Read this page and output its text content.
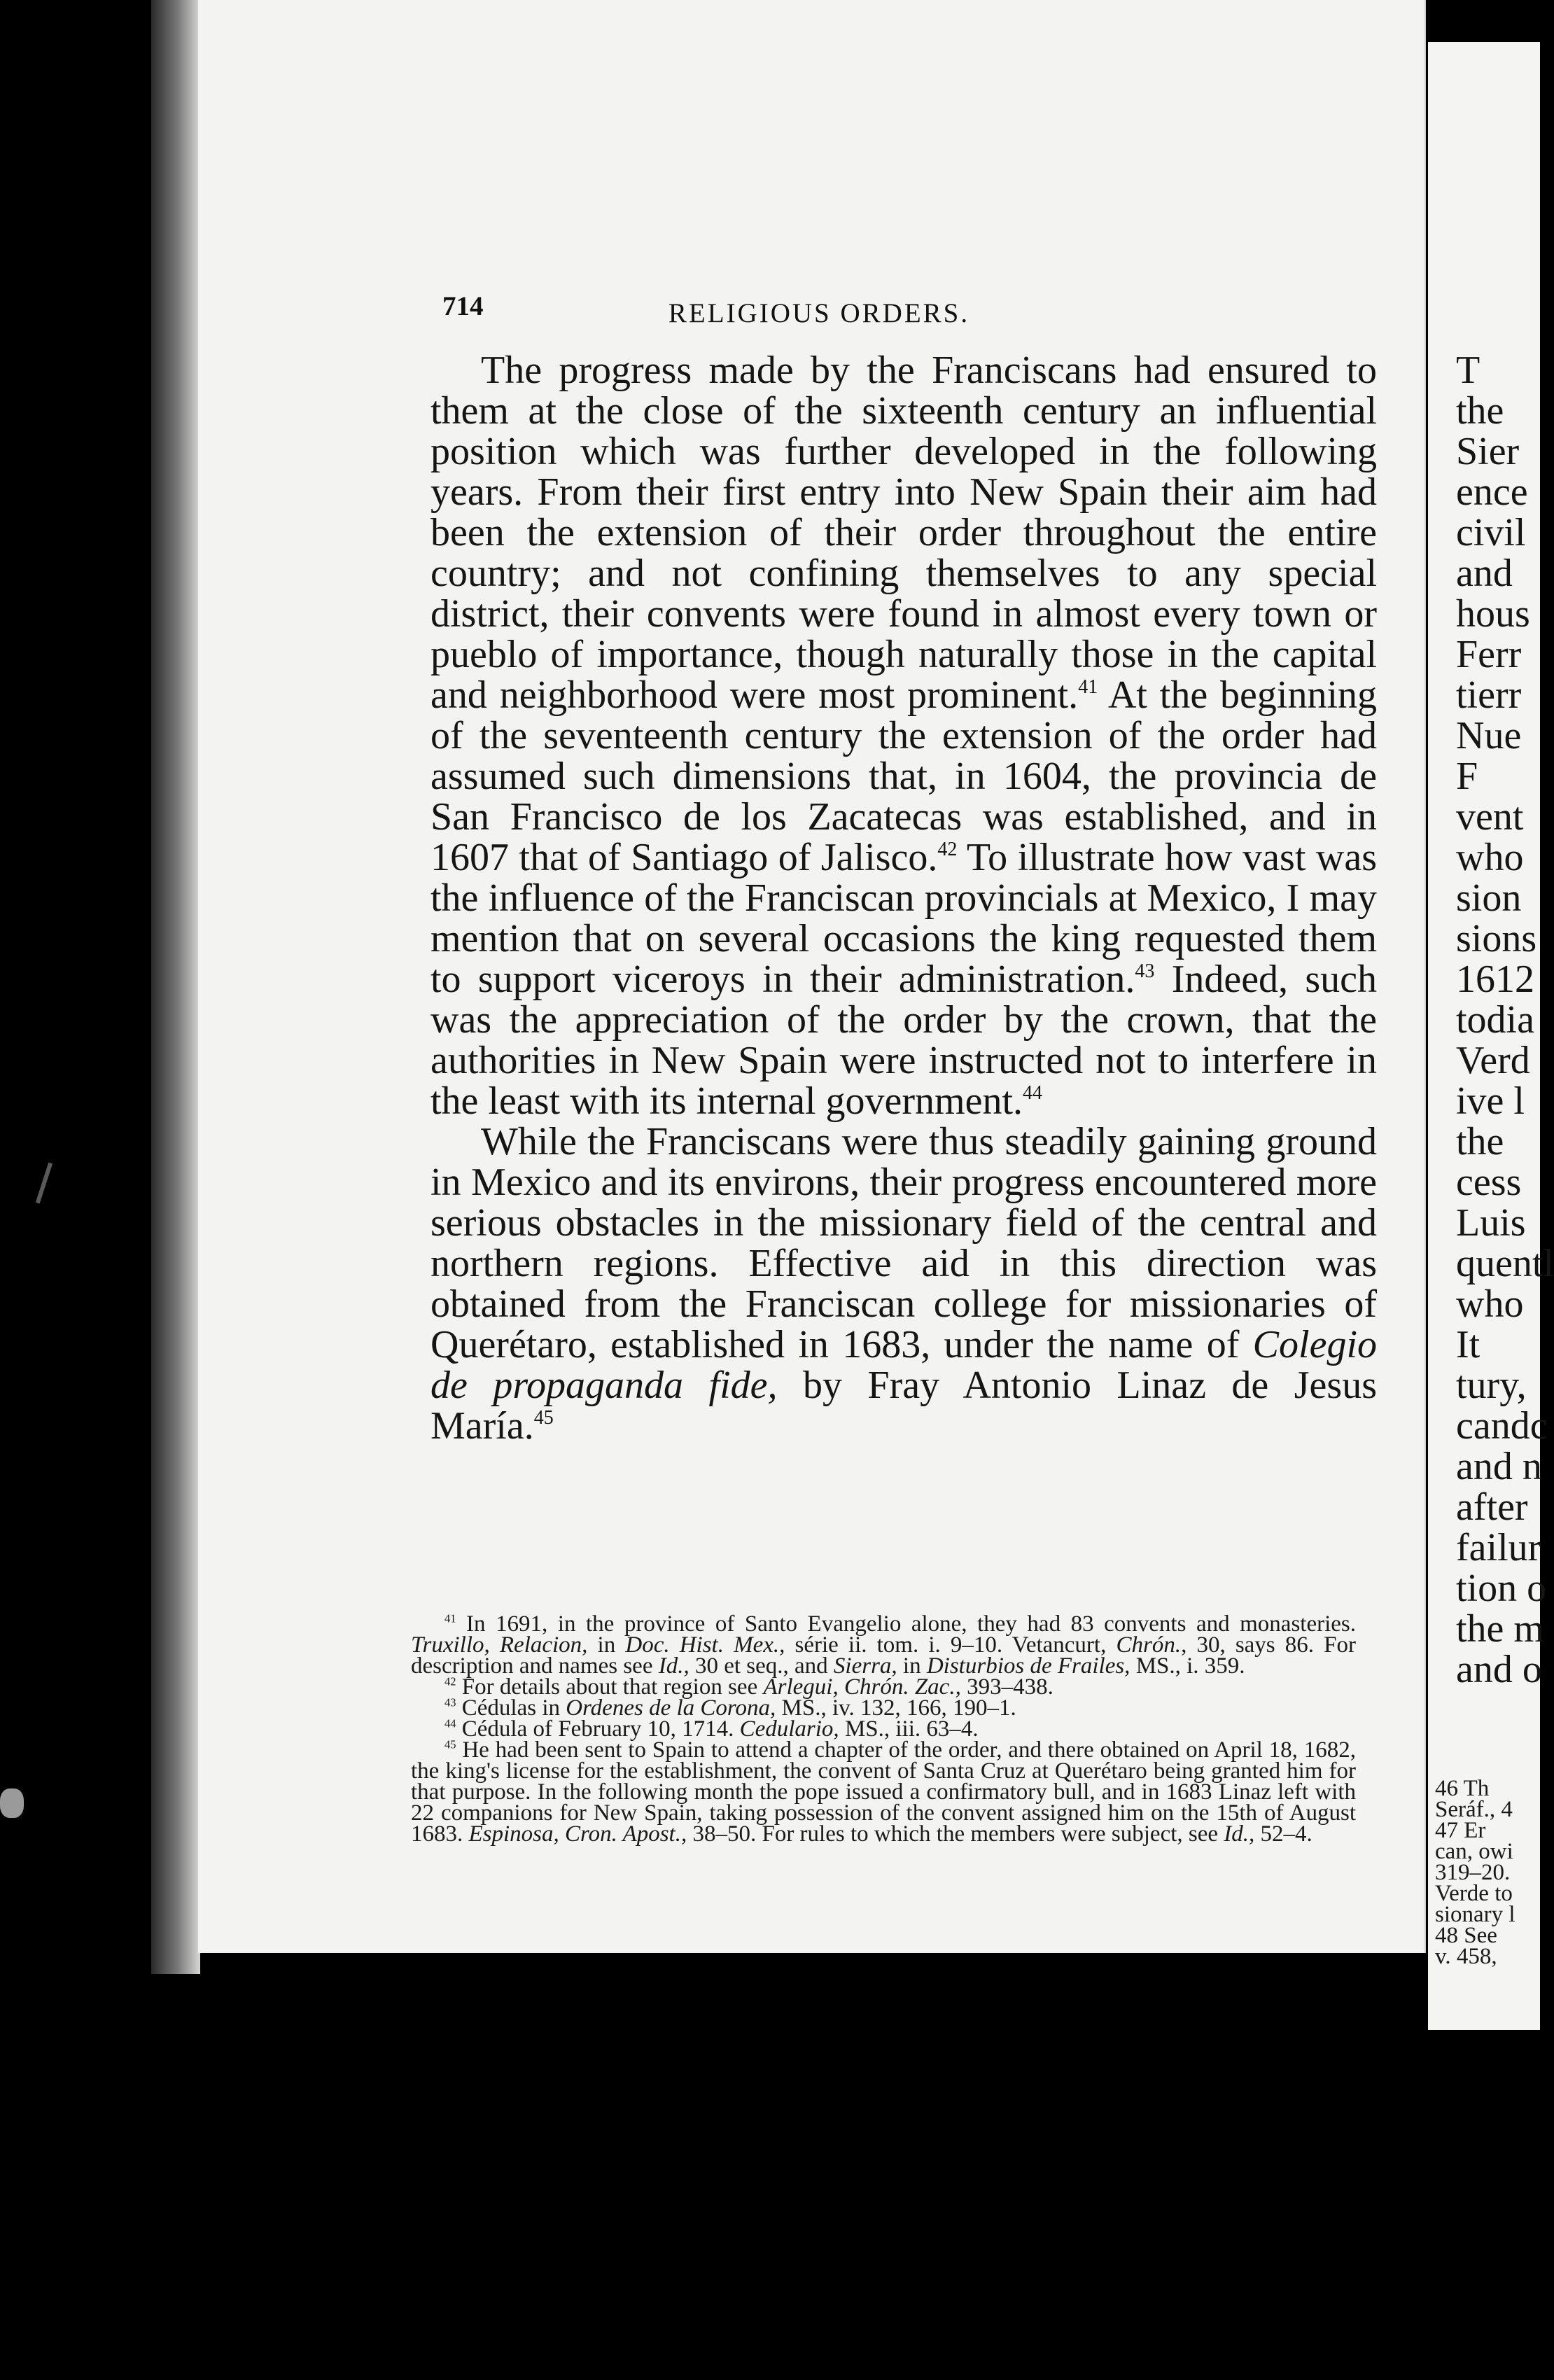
714	RELIGIOUS ORDERS.

The progress made by the Franciscans had ensured to them at the close of the sixteenth century an influential position which was further developed in the following years. From their first entry into New Spain their aim had been the extension of their order throughout the entire country; and not confining themselves to any special district, their convents were found in almost every town or pueblo of importance, though naturally those in the capital and neighborhood were most prominent.$^{41}$ At the beginning of the seventeenth century the extension of the order had assumed such dimensions that, in 1604, the provincia de San Francisco de los Zacatecas was established, and in 1607 that of Santiago of Jalisco.$^{42}$ To illustrate how vast was the influence of the Franciscan provincials at Mexico, I may mention that on several occasions the king requested them to support viceroys in their administration.$^{43}$ Indeed, such was the appreciation of the order by the crown, that the authorities in New Spain were instructed not to interfere in the least with its internal government.$^{44}$

While the Franciscans were thus steadily gaining ground in Mexico and its environs, their progress encountered more serious obstacles in the missionary field of the central and northern regions. Effective aid in this direction was obtained from the Franciscan college for missionaries of Querétaro, established in 1683, under the name of Colegio de propaganda fide, by Fray Antonio Linaz de Jesus María.$^{45}$

$^{41}$ In 1691, in the province of Santo Evangelio alone, they had 83 convents and monasteries. Truxillo, Relacion, in Doc. Hist. Mex., série ii. tom. i. 9–10. Vetancurt, Chrón., 30, says 86. For description and names see Id., 30 et seq., and Sierra, in Disturbios de Frailes, MS., i. 359.

$^{42}$ For details about that region see Arlegui, Chrón. Zac., 393–438.

$^{43}$ Cédulas in Ordenes de la Corona, MS., iv. 132, 166, 190–1.

$^{44}$ Cédula of February 10, 1714. Cedulario, MS., iii. 63–4.

$^{45}$ He had been sent to Spain to attend a chapter of the order, and there obtained on April 18, 1682, the king's license for the establishment, the convent of Santa Cruz at Querétaro being granted him for that purpose. In the following month the pope issued a confirmatory bull, and in 1683 Linaz left with 22 companions for New Spain, taking possession of the convent assigned him on the 15th of August 1683. Espinosa, Cron. Apost., 38–50. For rules to which the members were subject, see Id., 52–4.

T
the
Sier
ence
civil
and
hous
Ferr
tierr
Nue
F
vent
who
sion
sions
1612
todia
Verd
ive l
the
cess
Luis
quentl
who
It
tury,
candc
and n
after
failur
tion o
the m
and o
46 Th
Seráf., 4
47 Er
can, owi
319–20.
Verde to
sionary l
48 See
v. 458,
